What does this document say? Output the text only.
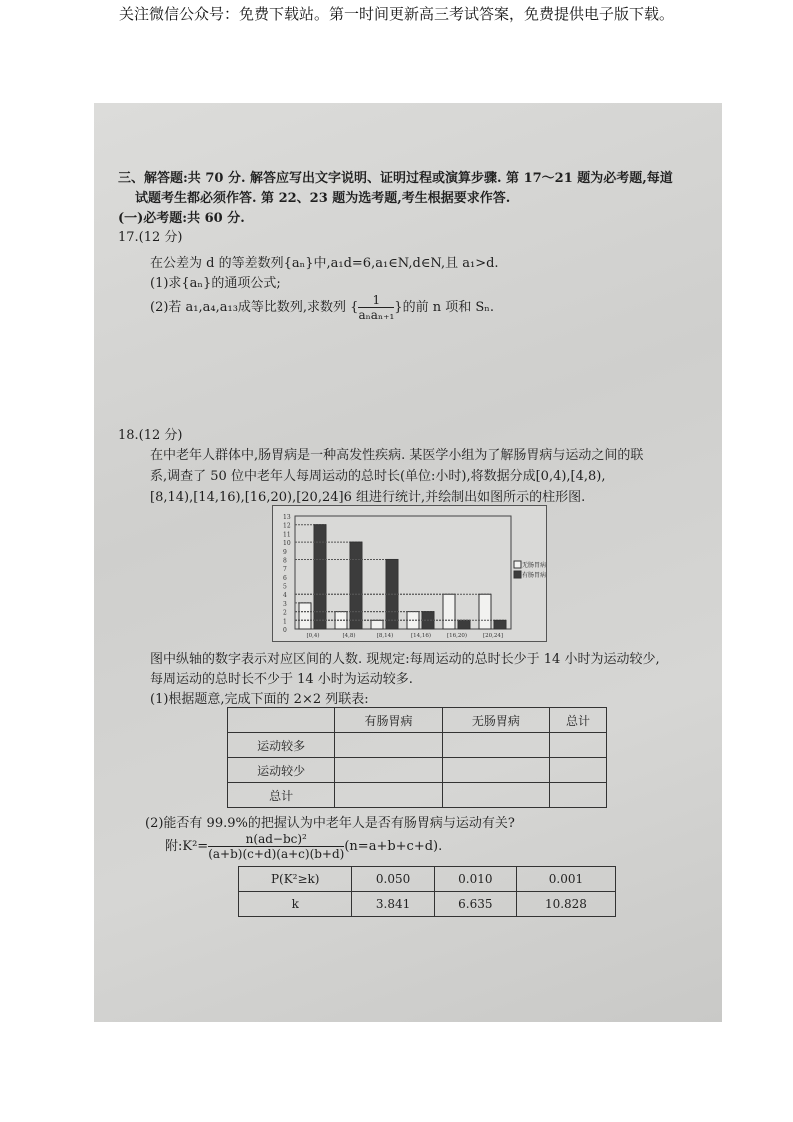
关注微信公众号：免费下载站。第一时间更新高三考试答案，免费提供电子版下载。
三、解答题:共 70 分. 解答应写出文字说明、证明过程或演算步骤. 第 17～21 题为必考题,每道
试题考生都必须作答. 第 22、23 题为选考题,考生根据要求作答.
(一)必考题:共 60 分.
17.(12 分)
在公差为 d 的等差数列{aₙ}中,a₁d=6,a₁∈N,d∈N,且 a₁>d.
(1)求{aₙ}的通项公式;
(2)若 a₁,a₄,a₁₃成等比数列,求数列 { $\frac{1}{\text{aₙaₙ₊₁}}$ }的前 n 项和 Sₙ.
18.(12 分)
在中老年人群体中,肠胃病是一种高发性疾病. 某医学小组为了解肠胃病与运动之间的联
系,调查了 50 位中老年人每周运动的总时长(单位:小时),将数据分成[0,4),[4,8),
[8,14),[14,16),[16,20),[20,24]6 组进行统计,并绘制出如图所示的柱形图.
0
1
2
3
4
5
6
7
8
9
10
11
12
13
[0,4)	[4,8)	[8,14)	[14,16)	[16,20)	[20,24]
无肠胃病
有肠胃病
图中纵轴的数字表示对应区间的人数. 现规定:每周运动的总时长少于 14 小时为运动较少,
每周运动的总时长不少于 14 小时为运动较多.
(1)根据题意,完成下面的 2×2 列联表:
	有肠胃病	无肠胃病	总计
运动较多			
运动较少			
总计			
(2)能否有 99.9%的把握认为中老年人是否有肠胃病与运动有关?
附:K²= $\frac{\text{n(ad−bc)²}}{(a+b)(c+d)(a+c)(b+d)} (n=a+b+c+d)$.
P(K²≥k)	0.050	0.010	0.001
k	3.841	6.635	10.828
